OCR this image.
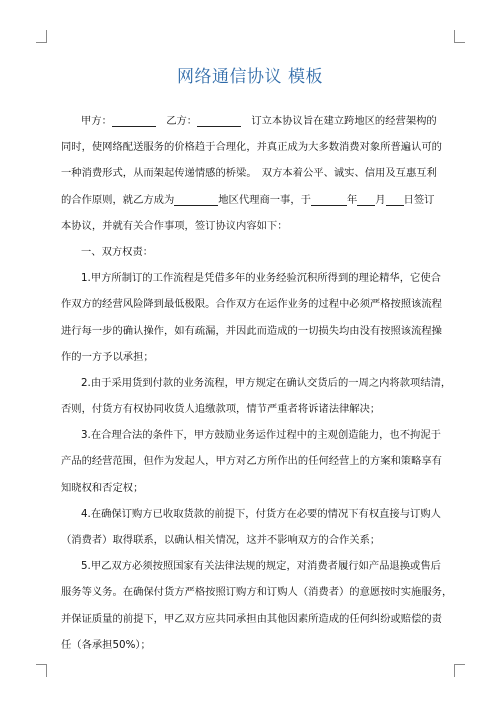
网络通信协议 模板
甲方：　	乙方：　	订立本协议旨在建立跨地区的经营架构的
同时，使网络配送服务的价格趋于合理化，并真正成为大多数消费对象所普遍认可的
一种消费形式，从而架起传递情感的桥梁。　双方本着公平、诚实、信用及互惠互利
的合作原则，就乙方成为	地区代理商一事，于	年 月 日签订
本协议，并就有关合作事项，签订协议内容如下：
一、双方权责：
1.甲方所制订的工作流程是凭借多年的业务经验沉积所得到的理论精华，它使合
作双方的经营风险降到最低极限。合作双方在运作业务的过程中必须严格按照该流程
进行每一步的确认操作，如有疏漏，并因此而造成的一切损失均由没有按照该流程操
作的一方予以承担；
2.由于采用货到付款的业务流程，甲方规定在确认交货后的一周之内将款项结清，
否则，付货方有权协同收货人追缴款项，情节严重者将诉诸法律解决；
3.在合理合法的条件下，甲方鼓励业务运作过程中的主观创造能力，也不拘泥于
产品的经营范围，但作为发起人，甲方对乙方所作出的任何经营上的方案和策略享有
知晓权和否定权；
4.在确保订购方已收取货款的前提下，付货方在必要的情况下有权直接与订购人
（消费者）取得联系，以确认相关情况，这并不影响双方的合作关系；
5.甲乙双方必须按照国家有关法律法规的规定，对消费者履行如产品退换或售后
服务等义务。在确保付货方严格按照订购方和订购人（消费者）的意愿按时实施服务，
并保证质量的前提下，甲乙双方应共同承担由其他因素所造成的任何纠纷或赔偿的责
任（各承担50%）；
